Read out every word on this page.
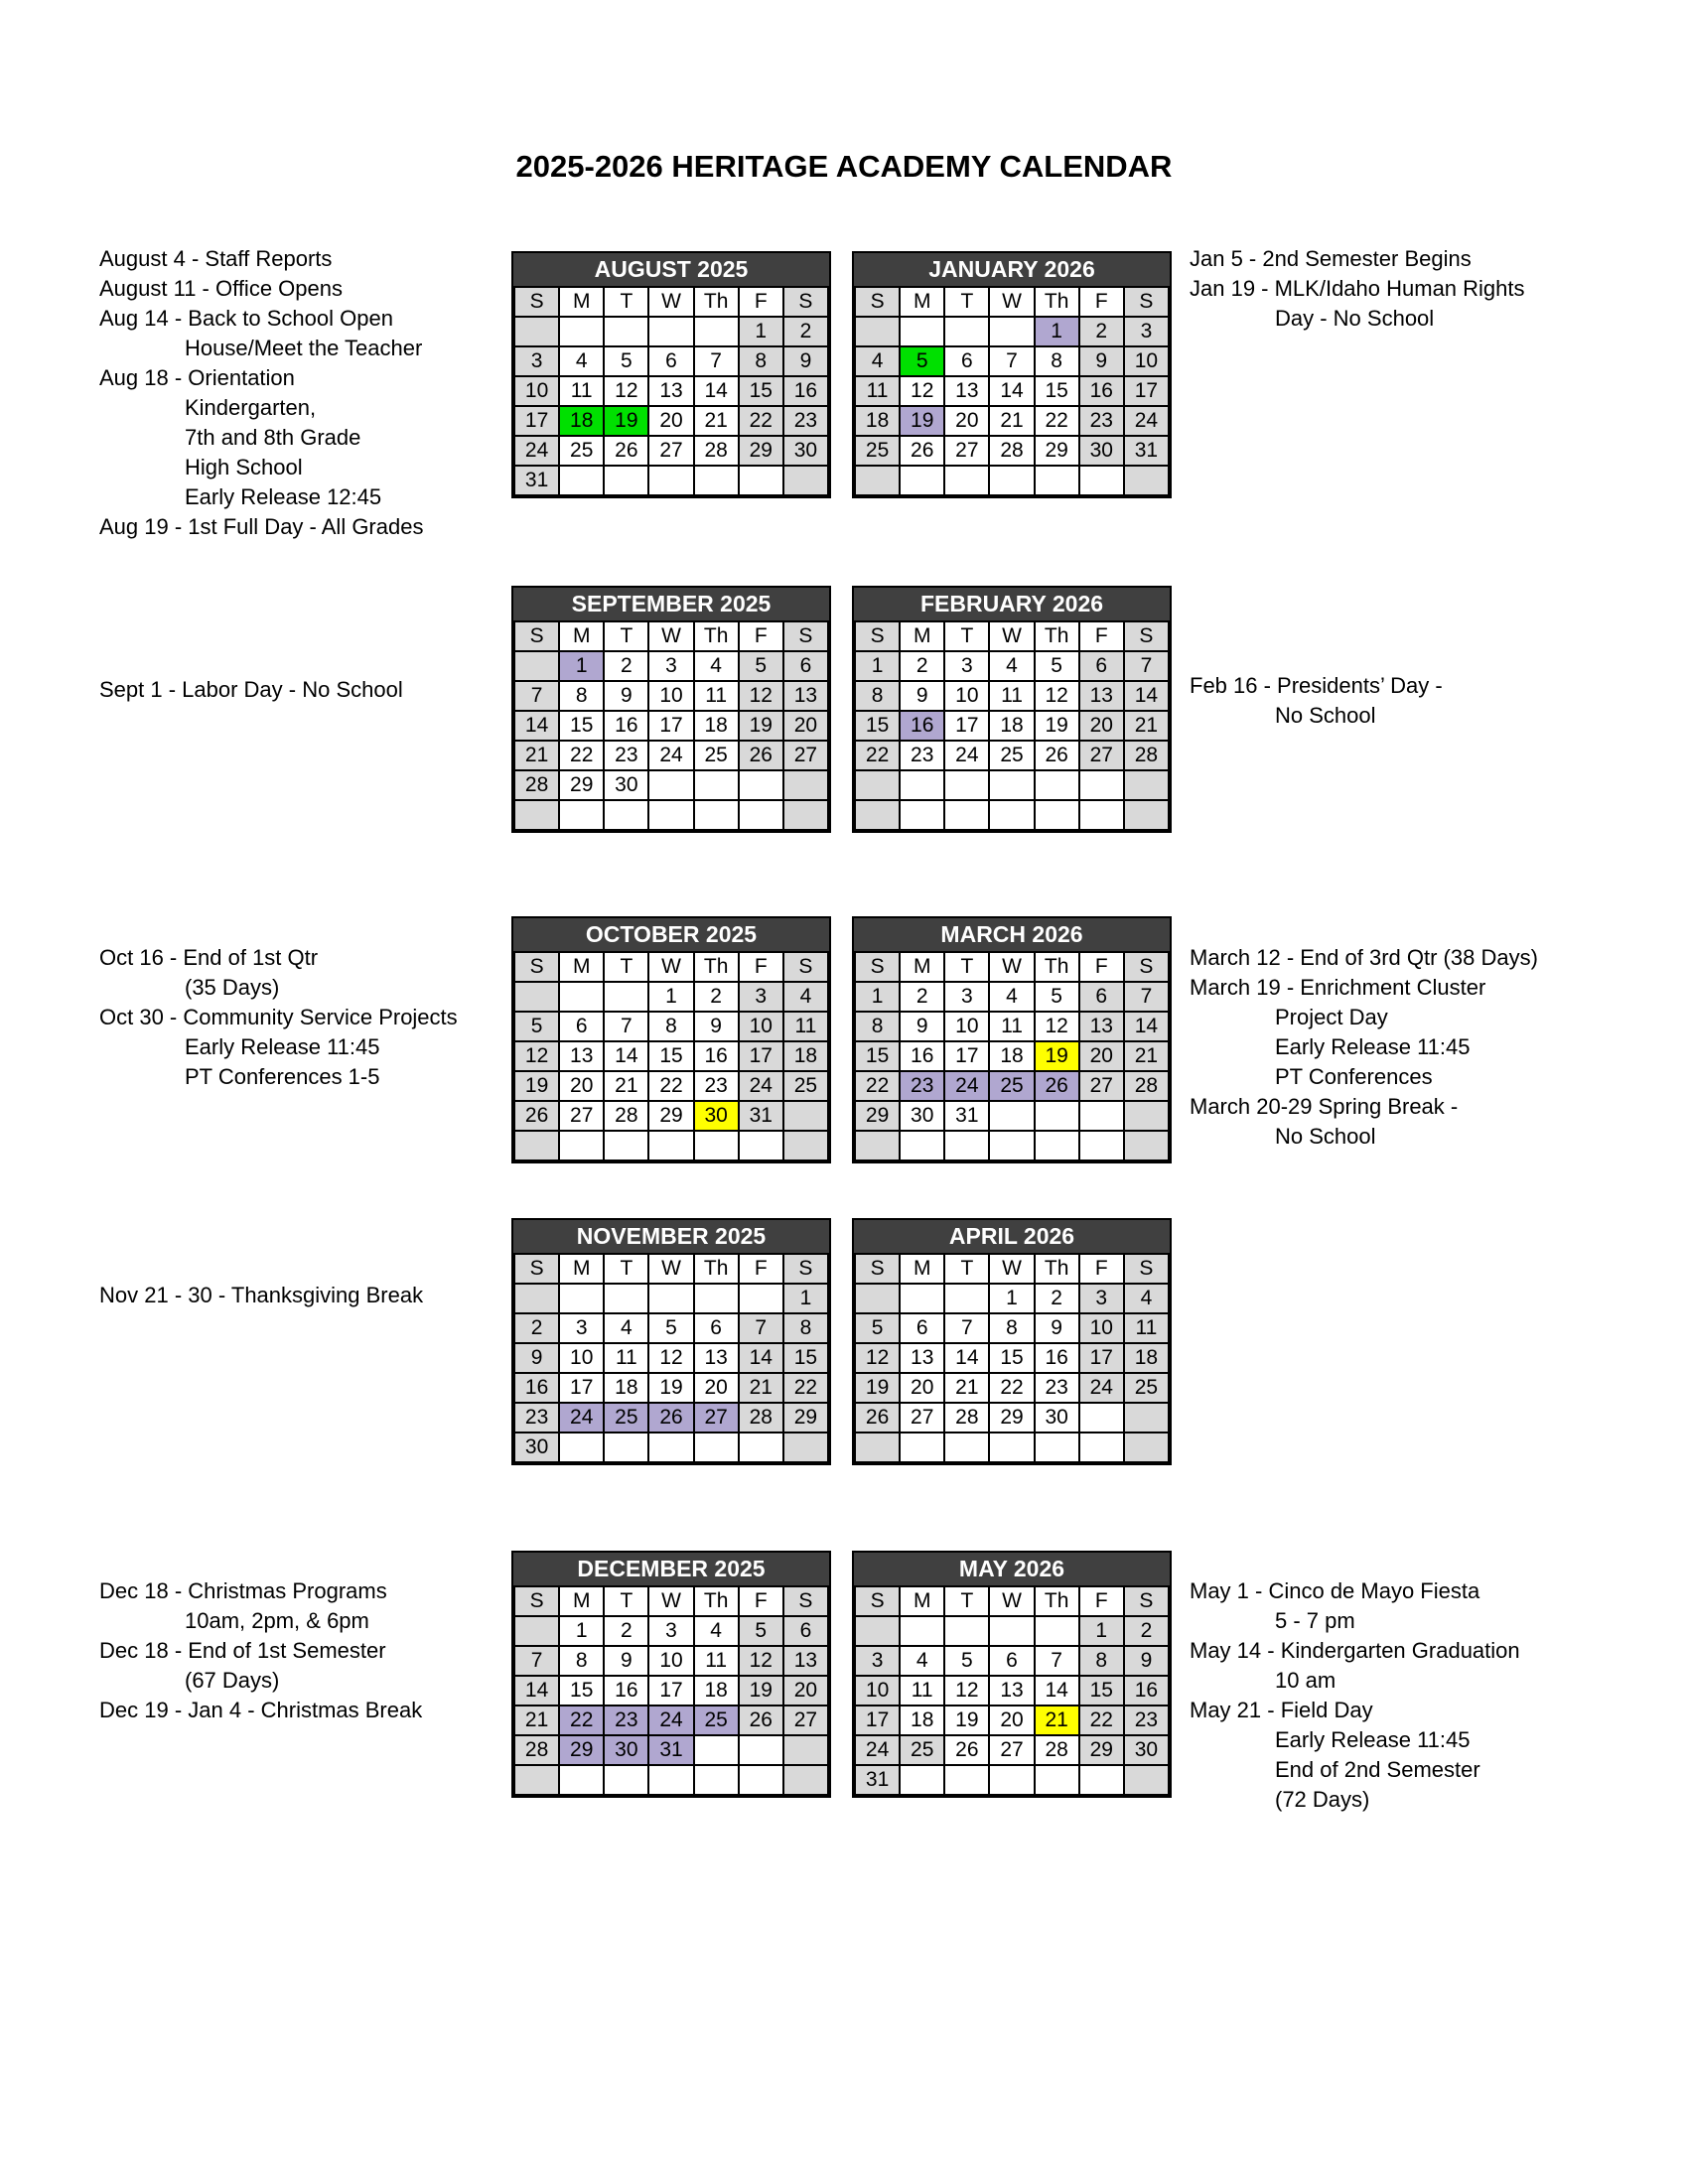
2025-2026 HERITAGE ACADEMY CALENDAR
August 4 - Staff Reports
August 11 - Office Opens
Aug 14 - Back to School Open
House/Meet the Teacher
Aug 18 - Orientation
Kindergarten,
7th and 8th Grade
High School
Early Release 12:45
Aug 19 - 1st Full Day - All Grades
Sept 1 - Labor Day - No School
Oct 16 - End of 1st Qtr
(35 Days)
Oct 30 - Community Service Projects
Early Release 11:45
PT Conferences 1-5
Nov 21 - 30 - Thanksgiving Break
Dec 18 - Christmas Programs
10am, 2pm, & 6pm
Dec 18 - End of 1st Semester
(67 Days)
Dec 19 - Jan 4 - Christmas Break
Jan 5 - 2nd Semester Begins
Jan 19 - MLK/Idaho Human Rights
Day - No School
Feb 16 - Presidents’ Day -
No School
March 12 - End of 3rd Qtr (38 Days)
March 19 - Enrichment Cluster
Project Day
Early Release 11:45
PT Conferences
March 20-29 Spring Break -
No School
May 1 - Cinco de Mayo Fiesta
5 - 7 pm
May 14 - Kindergarten Graduation
10 am
May 21 - Field Day
Early Release 11:45
End of 2nd Semester
(72 Days)
AUGUST 2025
S	M	T	W	Th	F	S
					1	2
3	4	5	6	7	8	9
10	11	12	13	14	15	16
17	18	19	20	21	22	23
24	25	26	27	28	29	30
31						
JANUARY 2026
S	M	T	W	Th	F	S
				1	2	3
4	5	6	7	8	9	10
11	12	13	14	15	16	17
18	19	20	21	22	23	24
25	26	27	28	29	30	31

SEPTEMBER 2025
S	M	T	W	Th	F	S
	1	2	3	4	5	6
7	8	9	10	11	12	13
14	15	16	17	18	19	20
21	22	23	24	25	26	27
28	29	30				

FEBRUARY 2026
S	M	T	W	Th	F	S
1	2	3	4	5	6	7
8	9	10	11	12	13	14
15	16	17	18	19	20	21
22	23	24	25	26	27	28

OCTOBER 2025
S	M	T	W	Th	F	S
			1	2	3	4
5	6	7	8	9	10	11
12	13	14	15	16	17	18
19	20	21	22	23	24	25
26	27	28	29	30	31	

MARCH 2026
S	M	T	W	Th	F	S
1	2	3	4	5	6	7
8	9	10	11	12	13	14
15	16	17	18	19	20	21
22	23	24	25	26	27	28
29	30	31				

NOVEMBER 2025
S	M	T	W	Th	F	S
						1
2	3	4	5	6	7	8
9	10	11	12	13	14	15
16	17	18	19	20	21	22
23	24	25	26	27	28	29
30						
APRIL 2026
S	M	T	W	Th	F	S
			1	2	3	4
5	6	7	8	9	10	11
12	13	14	15	16	17	18
19	20	21	22	23	24	25
26	27	28	29	30		

DECEMBER 2025
S	M	T	W	Th	F	S
	1	2	3	4	5	6
7	8	9	10	11	12	13
14	15	16	17	18	19	20
21	22	23	24	25	26	27
28	29	30	31			

MAY 2026
S	M	T	W	Th	F	S
					1	2
3	4	5	6	7	8	9
10	11	12	13	14	15	16
17	18	19	20	21	22	23
24	25	26	27	28	29	30
31						
